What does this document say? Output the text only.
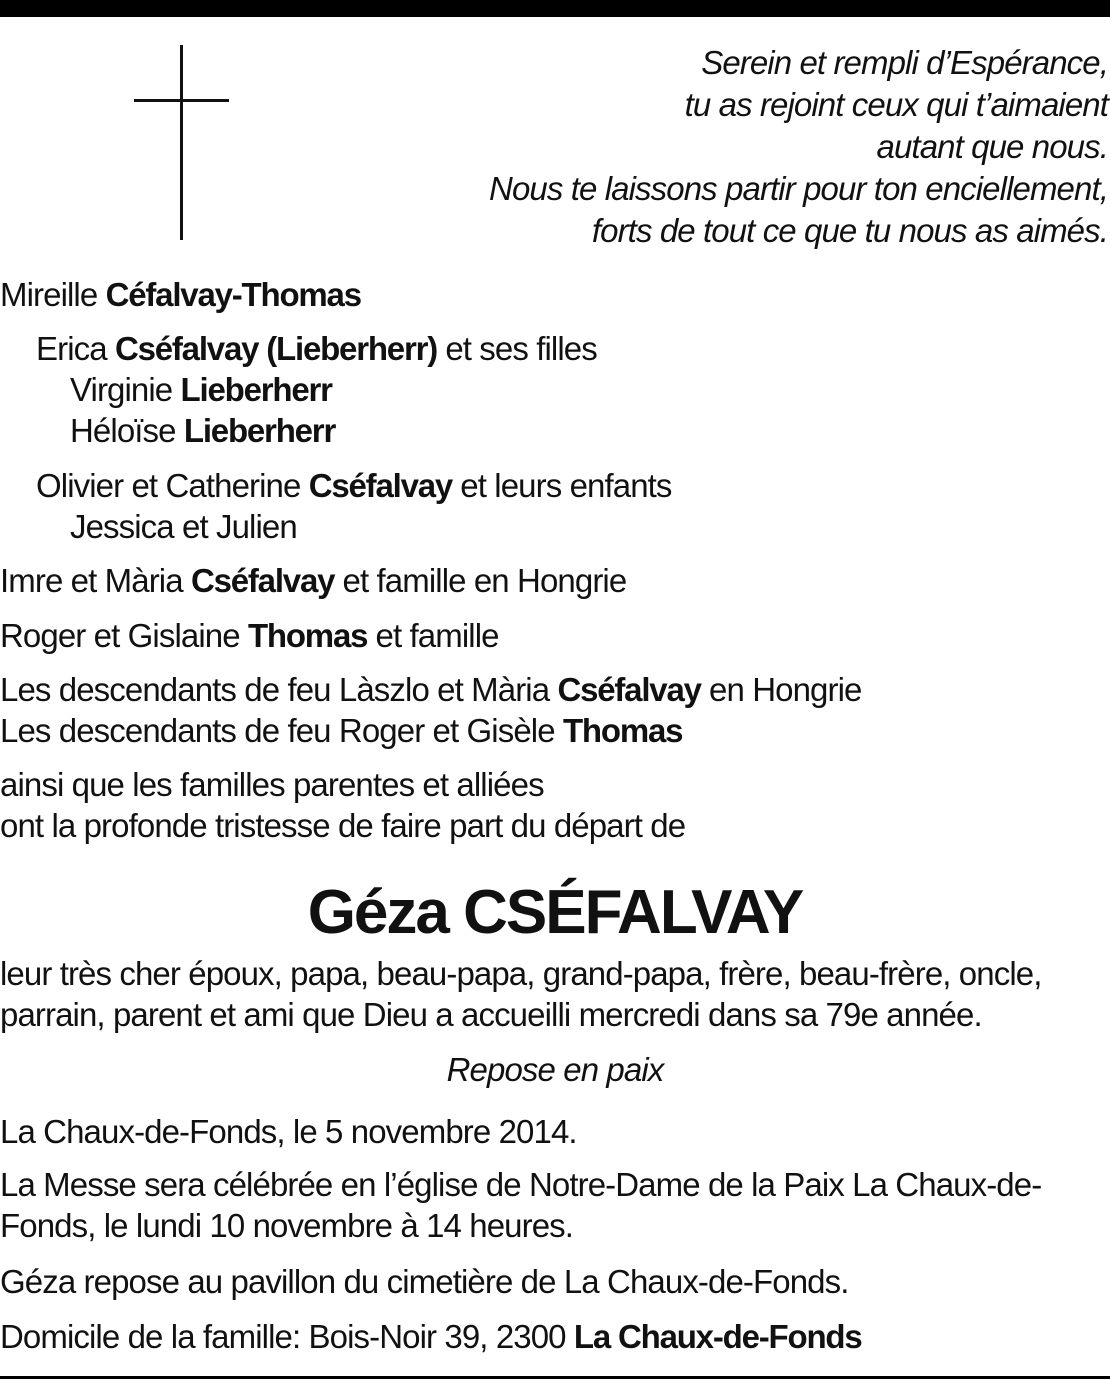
Serein et rempli d’Espérance,
tu as rejoint ceux qui t’aimaient
autant que nous.
Nous te laissons partir pour ton enciellement,
forts de tout ce que tu nous as aimés.
Mireille Céfalvay-Thomas
Erica Cséfalvay (Lieberherr) et ses filles
Virginie Lieberherr
Héloïse Lieberherr
Olivier et Catherine Cséfalvay et leurs enfants
Jessica et Julien
Imre et Mària Cséfalvay et famille en Hongrie
Roger et Gislaine Thomas et famille
Les descendants de feu Làszlo et Mària Cséfalvay en Hongrie
Les descendants de feu Roger et Gisèle Thomas
ainsi que les familles parentes et alliées
ont la profonde tristesse de faire part du départ de
Géza CSÉFALVAY
leur très cher époux, papa, beau-papa, grand-papa, frère, beau-frère, oncle,
parrain, parent et ami que Dieu a accueilli mercredi dans sa 79e année.
Repose en paix
La Chaux-de-Fonds, le 5 novembre 2014.
La Messe sera célébrée en l’église de Notre-Dame de la Paix La Chaux-de-
Fonds, le lundi 10 novembre à 14 heures.
Géza repose au pavillon du cimetière de La Chaux-de-Fonds.
Domicile de la famille: Bois-Noir 39, 2300 La Chaux-de-Fonds
